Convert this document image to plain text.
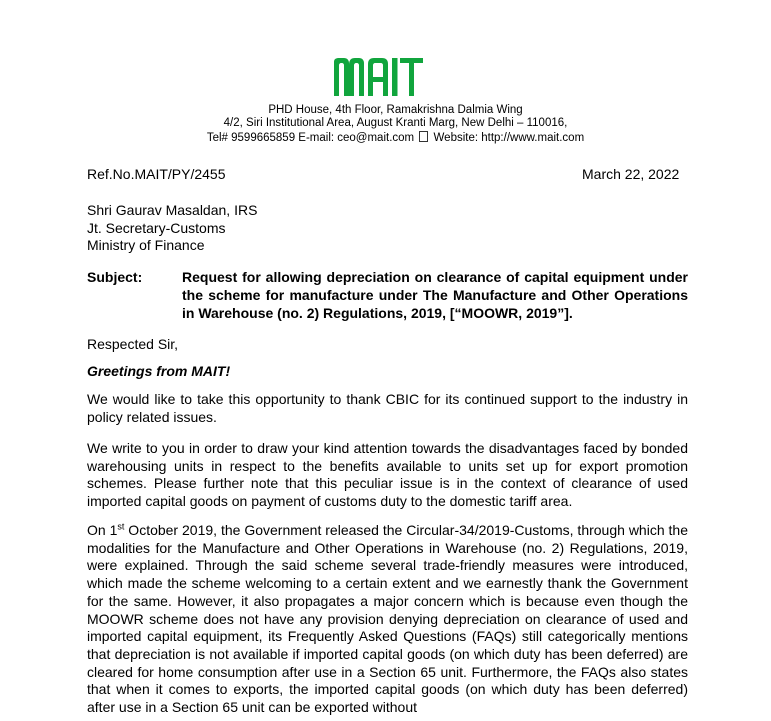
PHD House, 4th Floor, Ramakrishna Dalmia Wing
4/2, Siri Institutional Area, August Kranti Marg, New Delhi – 110016,
Tel# 9599665859 E-mail: ceo@mait.com Website: http://www.mait.com
Ref.No.MAIT/PY/2455	March 22, 2022
Shri Gaurav Masaldan, IRS
Jt. Secretary-Customs
Ministry of Finance
Subject:	Request for allowing depreciation on clearance of capital equipment under the scheme for manufacture under The Manufacture and Other Operations in Warehouse (no. 2) Regulations, 2019, [“MOOWR, 2019”].
Respected Sir,
Greetings from MAIT!
We would like to take this opportunity to thank CBIC for its continued support to the industry in policy related issues.
We write to you in order to draw your kind attention towards the disadvantages faced by bonded warehousing units in respect to the benefits available to units set up for export promotion schemes. Please further note that this peculiar issue is in the context of clearance of used imported capital goods on payment of customs duty to the domestic tariff area.
On 1st October 2019, the Government released the Circular-34/2019-Customs, through which the modalities for the Manufacture and Other Operations in Warehouse (no. 2) Regulations, 2019, were explained. Through the said scheme several trade-friendly measures were introduced, which made the scheme welcoming to a certain extent and we earnestly thank the Government for the same. However, it also propagates a major concern which is because even though the MOOWR scheme does not have any provision denying depreciation on clearance of used and imported capital equipment, its Frequently Asked Questions (FAQs) still categorically mentions that depreciation is not available if imported capital goods (on which duty has been deferred) are cleared for home consumption after use in a Section 65 unit. Furthermore, the FAQs also states that when it comes to exports, the imported capital goods (on which duty has been deferred) after use in a Section 65 unit can be exported without
